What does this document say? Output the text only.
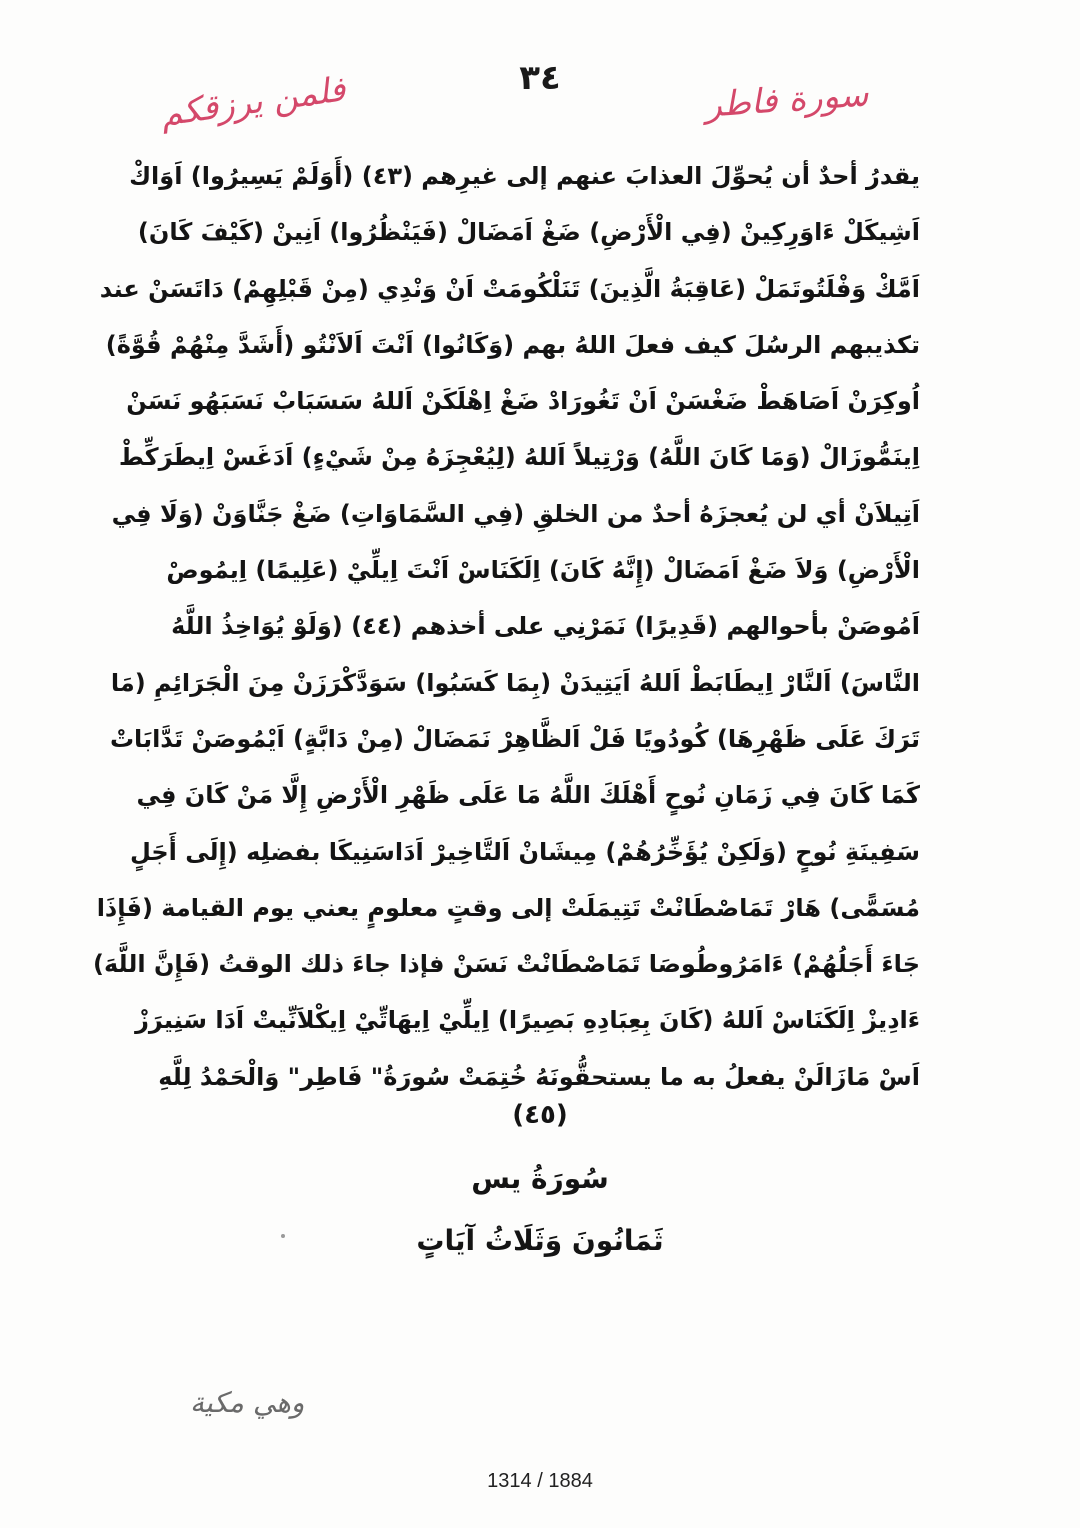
٣٤
فلمن يرزقكم	سورة فاطر
يقدرُ أحدٌ أن يُحوِّلَ العذابَ عنهم إلى غيرِهم (٤٣) (أَوَلَمْ يَسِيرُوا) اَوَاكْ
اَشِيكَلْ ءَاوَرِكِينْ (فِي الْأَرْضِ) ضَغْ اَمَضَالْ (فَيَنْظُرُوا) اَنِينْ (كَيْفَ كَانَ)
اَمَّكْ وَفْلَتُوتَمَلْ (عَاقِبَةُ الَّذِينَ) تَنَلْكُومَتْ اَنْ وَنْدِي (مِنْ قَبْلِهِمْ) دَاتَسَنْ عند
تكذيبهم الرسُلَ كيف فعلَ اللهُ بهم (وَكَانُوا) اَنْتَ اَلاَنْتُو (أَشَدَّ مِنْهُمْ قُوَّةً)
اُوكِرَنْ اَصَاهَطْ ضَغْسَنْ اَنْ تَغُورَادْ ضَغْ اِهْلَكَنْ اَللهُ سَسَبَابْ نَسَبَهُو نَسَنْ
اِينَمُّوزَالْ (وَمَا كَانَ اللَّهُ) وَرْتِيلاً اَللهُ (لِيُعْجِزَهُ مِنْ شَيْءٍ) اَدَغَسْ اِيطَرَكِّطْ
اَتِيلاَنْ أي لن يُعجزَهُ أحدٌ من الخلقِ (فِي السَّمَاوَاتِ) ضَغْ جَنَّاوَنْ (وَلَا فِي
الْأَرْضِ) وَلاَ ضَغْ اَمَضَالْ (إِنَّهُ كَانَ) اِلَكَنَاسْ اَنْتَ اِيلِّيْ (عَلِيمًا) اِيمُوصْ
اَمُوصَنْ بأحوالهم (قَدِيرًا) نَمَرْنِي على أخذهم (٤٤) (وَلَوْ يُوَاخِذُ اللَّهُ
النَّاسَ) اَلنَّارْ اِيطَابَطْ اَللهُ اَيَتِيدَنْ (بِمَا كَسَبُوا) سَوَدَّكْرَزَنْ مِنَ الْجَرَائِمِ (مَا
تَرَكَ عَلَى ظَهْرِهَا) كُودُويًا فَلْ اَلظَّاهِرْ نَمَضَالْ (مِنْ دَابَّةٍ) اَيْمُوصَنْ تَدَّابَاتْ
كَمَا كَانَ فِي زَمَانِ نُوحٍ أَهْلَكَ اللَّهُ مَا عَلَى ظَهْرِ الْأَرْضِ إِلَّا مَنْ كَانَ فِي
سَفِينَةِ نُوحٍ (وَلَكِنْ يُؤَخِّرُهُمْ) مِيشَانْ اَلتَّاخِيرْ اَدَاسَنِيكَا بفضلِه (إِلَى أَجَلٍ
مُسَمًّى) هَارْ تَمَاصْطَانْتْ تَتِيمَلَتْ إلى وقتٍ معلومٍ يعني يوم القيامة (فَإِذَا
جَاءَ أَجَلُهُمْ) ءَامَرُوطُوصَا تَمَاصْطَانْتْ نَسَنْ فإذا جاءَ ذلك الوقتُ (فَإِنَّ اللَّهَ)
ءَادِيزْ اِلَكَنَاسْ اَللهُ (كَانَ بِعِبَادِهِ بَصِيرًا) اِيلِّيْ اِيهَاتِّيْ اِيكْلاَنِّيتْ اَدَا سَنِيرَزْ
اَسْ مَازَالَنْ يفعلُ به ما يستحقُّونَهُ خُتِمَتْ سُورَةُ" فَاطِر" وَالْحَمْدُ لِلَّهِ
(٤٥)
سُورَةُ يس
ثَمَانُونَ وَثَلَاثُ آيَاتٍ
وهي مكية
1314 / 1884
